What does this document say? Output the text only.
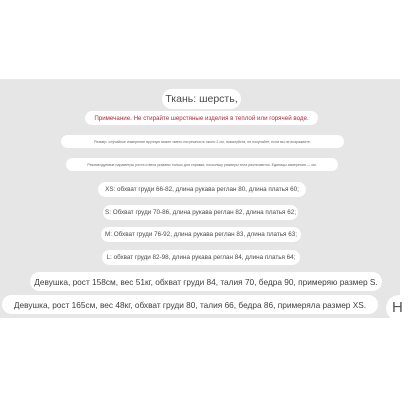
Ткань: шерсть,
Примечание. Не стирайте шерстяные изделия в теплой или горячей воде.
Размер: случайное измерение вручную может иметь погрешность около 2 см, пожалуйста, не покупайте, если вы не возражаете.
Рекомендуемые параметры роста и веса указаны только для справки, поскольку размеры тела различаются. Единицы измерения — см.
XS: обхват груди 66-82, длина рукава реглан 80, длина платья 60;
S: Обхват груди 70-86, длина рукава реглан 82, длина платья 62;
M: Обхват груди 76-92, длина рукава реглан 83, длина платья 63;
L: обхват груди 82-98, длина рукава реглан 84, длина платья 64;
Девушка, рост 158см, вес 51кг, обхват груди 84, талия 70, бедра 90, примеряю размер S.
Девушка, рост 165см, вес 48кг, обхват груди 80, талия 66, бедра 86, примеряла размер XS.	Н
